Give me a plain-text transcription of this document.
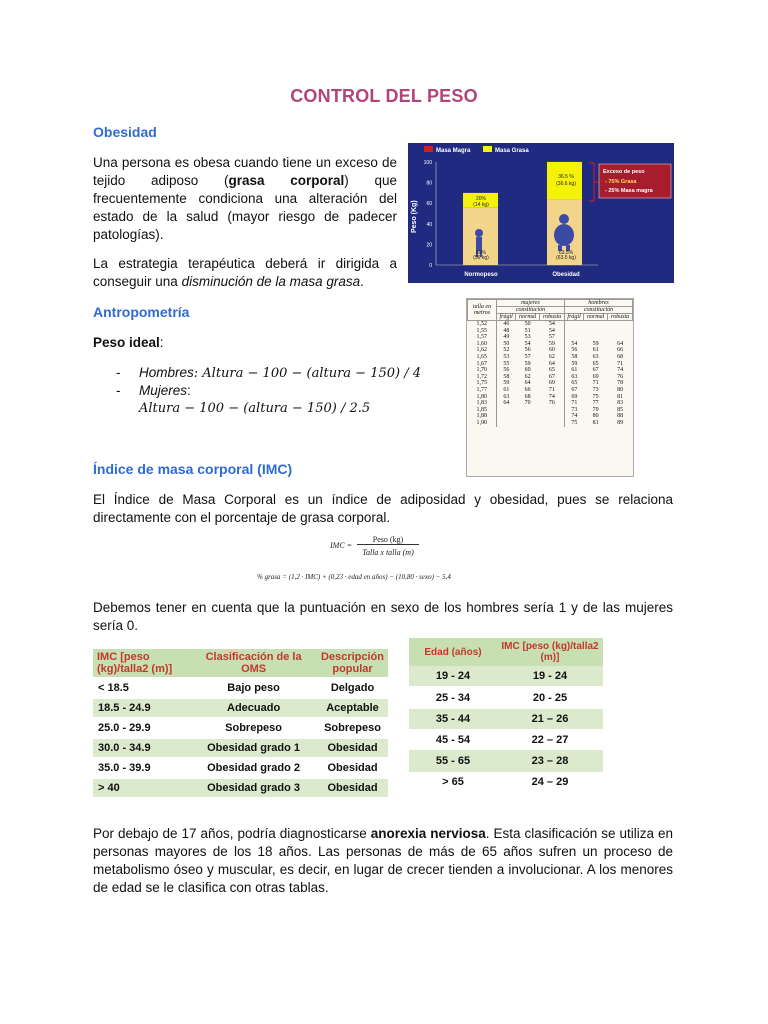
CONTROL DEL PESO
Obesidad
Una persona es obesa cuando tiene un exceso de tejido adiposo (grasa corporal) que frecuentemente condiciona una alteración del estado de la salud (mayor riesgo de padecer patologías).
La estrategia terapéutica deberá ir dirigida a conseguir una disminución de la masa grasa.
Masa Magra	Masa Grasa
Peso (Kg)
100
80
60
40
20
0
20%
(14 kg)
80%
(56 kg)
36.5 %
(36.6 kg)
63.5%
(63.5 kg)
Normopeso	Obesidad
Exceso de peso
- 75% Grasa
- 25% Masa magra
Antropometría
Peso ideal:
-	Hombres: Altura − 100 − (altura − 150) / 4
-	Mujeres:
Altura − 100 − (altura − 150) / 2.5
talla en
metros	mujeres			hombres		
	constitución			constitución		
	frágil	normal	robusta	frágil	normal	robusta
1,52	46	50	54			
1,55	48	51	54			
1,57	49	53	57			
1,60	50	54	59	54	59	64
1,62	52	56	60	56	61	66
1,65	53	57	62	58	63	68
1,67	55	59	64	59	65	71
1,70	56	60	65	61	67	74
1,72	58	62	67	63	69	76
1,75	59	64	69	65	71	78
1,77	61	66	71	67	73	80
1,80	63	68	74	69	75	81
1,83	64	70	76	71	77	83
1,85				73	79	85
1,88				74	80	88
1,90				75	81	89
Índice de masa corporal (IMC)
El Índice de Masa Corporal es un índice de adiposidad y obesidad, pues se relaciona directamente con el porcentaje de grasa corporal.
IMC =
Peso (kg)
Talla x talla (m)
% grasa = (1,2 · IMC) + (0,23 · edad en años) − (10,80 · sexo) − 5,4
Debemos tener en cuenta que la puntuación en sexo de los hombres sería 1 y de las mujeres sería 0.
IMC [peso (kg)/talla2 (m)]	Clasificación de la OMS	Descripción popular
< 18.5	Bajo peso	Delgado
18.5 - 24.9	Adecuado	Aceptable
25.0 - 29.9	Sobrepeso	Sobrepeso
30.0 - 34.9	Obesidad grado 1	Obesidad
35.0 - 39.9	Obesidad grado 2	Obesidad
> 40	Obesidad grado 3	Obesidad
Edad (años)	IMC [peso (kg)/talla2 (m)]
19 - 24	19 - 24
25 - 34	20 - 25
35 - 44	21 – 26
45 - 54	22 – 27
55 - 65	23 – 28
> 65	24 – 29
Por debajo de 17 años, podría diagnosticarse anorexia nerviosa. Esta clasificación se utiliza en personas mayores de los 18 años. Las personas de más de 65 años sufren un proceso de metabolismo óseo y muscular, es decir, en lugar de crecer tienden a involucionar. A los menores de edad se le clasifica con otras tablas.
